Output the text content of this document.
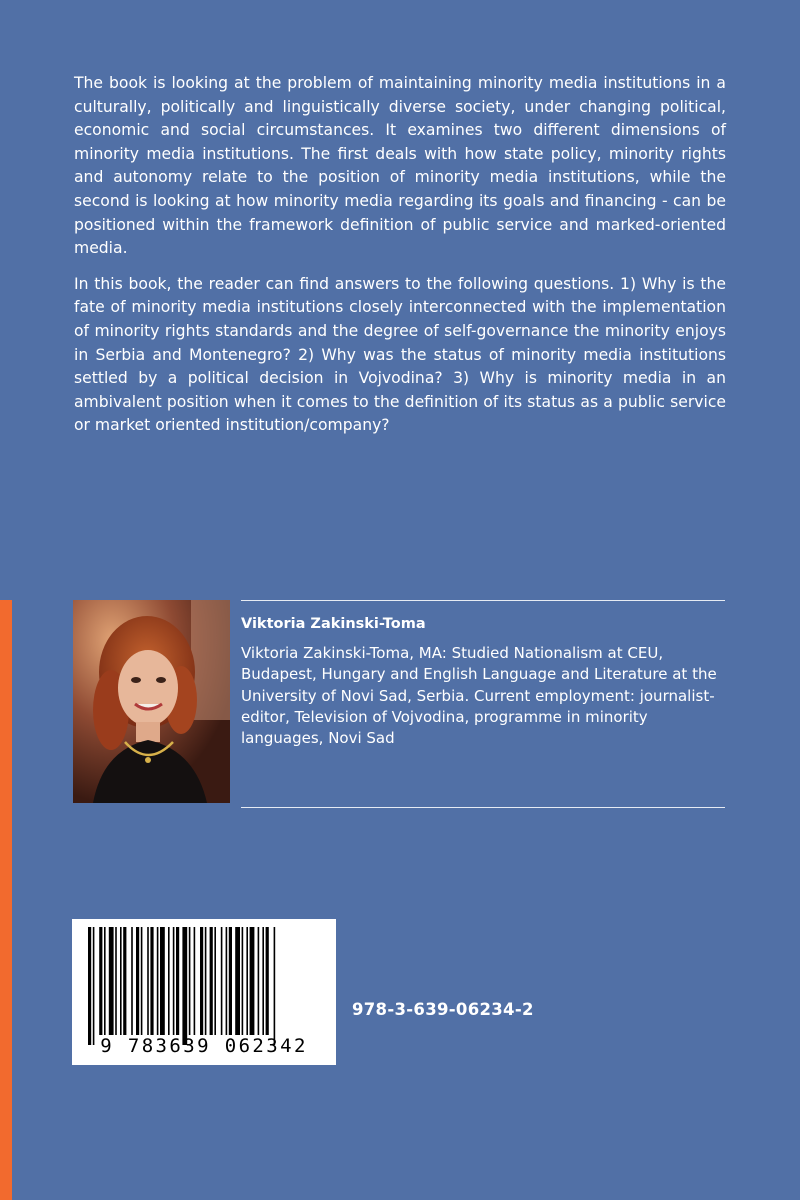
The book is looking at the problem of maintaining minority media institutions in a culturally, politically and linguistically diverse society, under changing political, economic and social circumstances. It examines two different dimensions of minority media institutions. The first deals with how state policy, minority rights and autonomy relate to the position of minority media institutions, while the second is looking at how minority media regarding its goals and financing - can be positioned within the framework definition of public service and marked-oriented media.

In this book, the reader can find answers to the following questions. 1) Why is the fate of minority media institutions closely interconnected with the implementation of minority rights standards and the degree of self-governance the minority enjoys in Serbia and Montenegro? 2) Why was the status of minority media institutions settled by a political decision in Vojvodina? 3) Why is minority media in an ambivalent position when it comes to the definition of its status as a public service or market oriented institution/company?

Viktoria Zakinski-Toma
Viktoria Zakinski-Toma, MA: Studied Nationalism at CEU, Budapest, Hungary and English Language and Literature at the University of Novi Sad, Serbia. Current employment: journalist-editor, Television of Vojvodina, programme in minority languages, Novi Sad
9 783639 062342
978-3-639-06234-2
